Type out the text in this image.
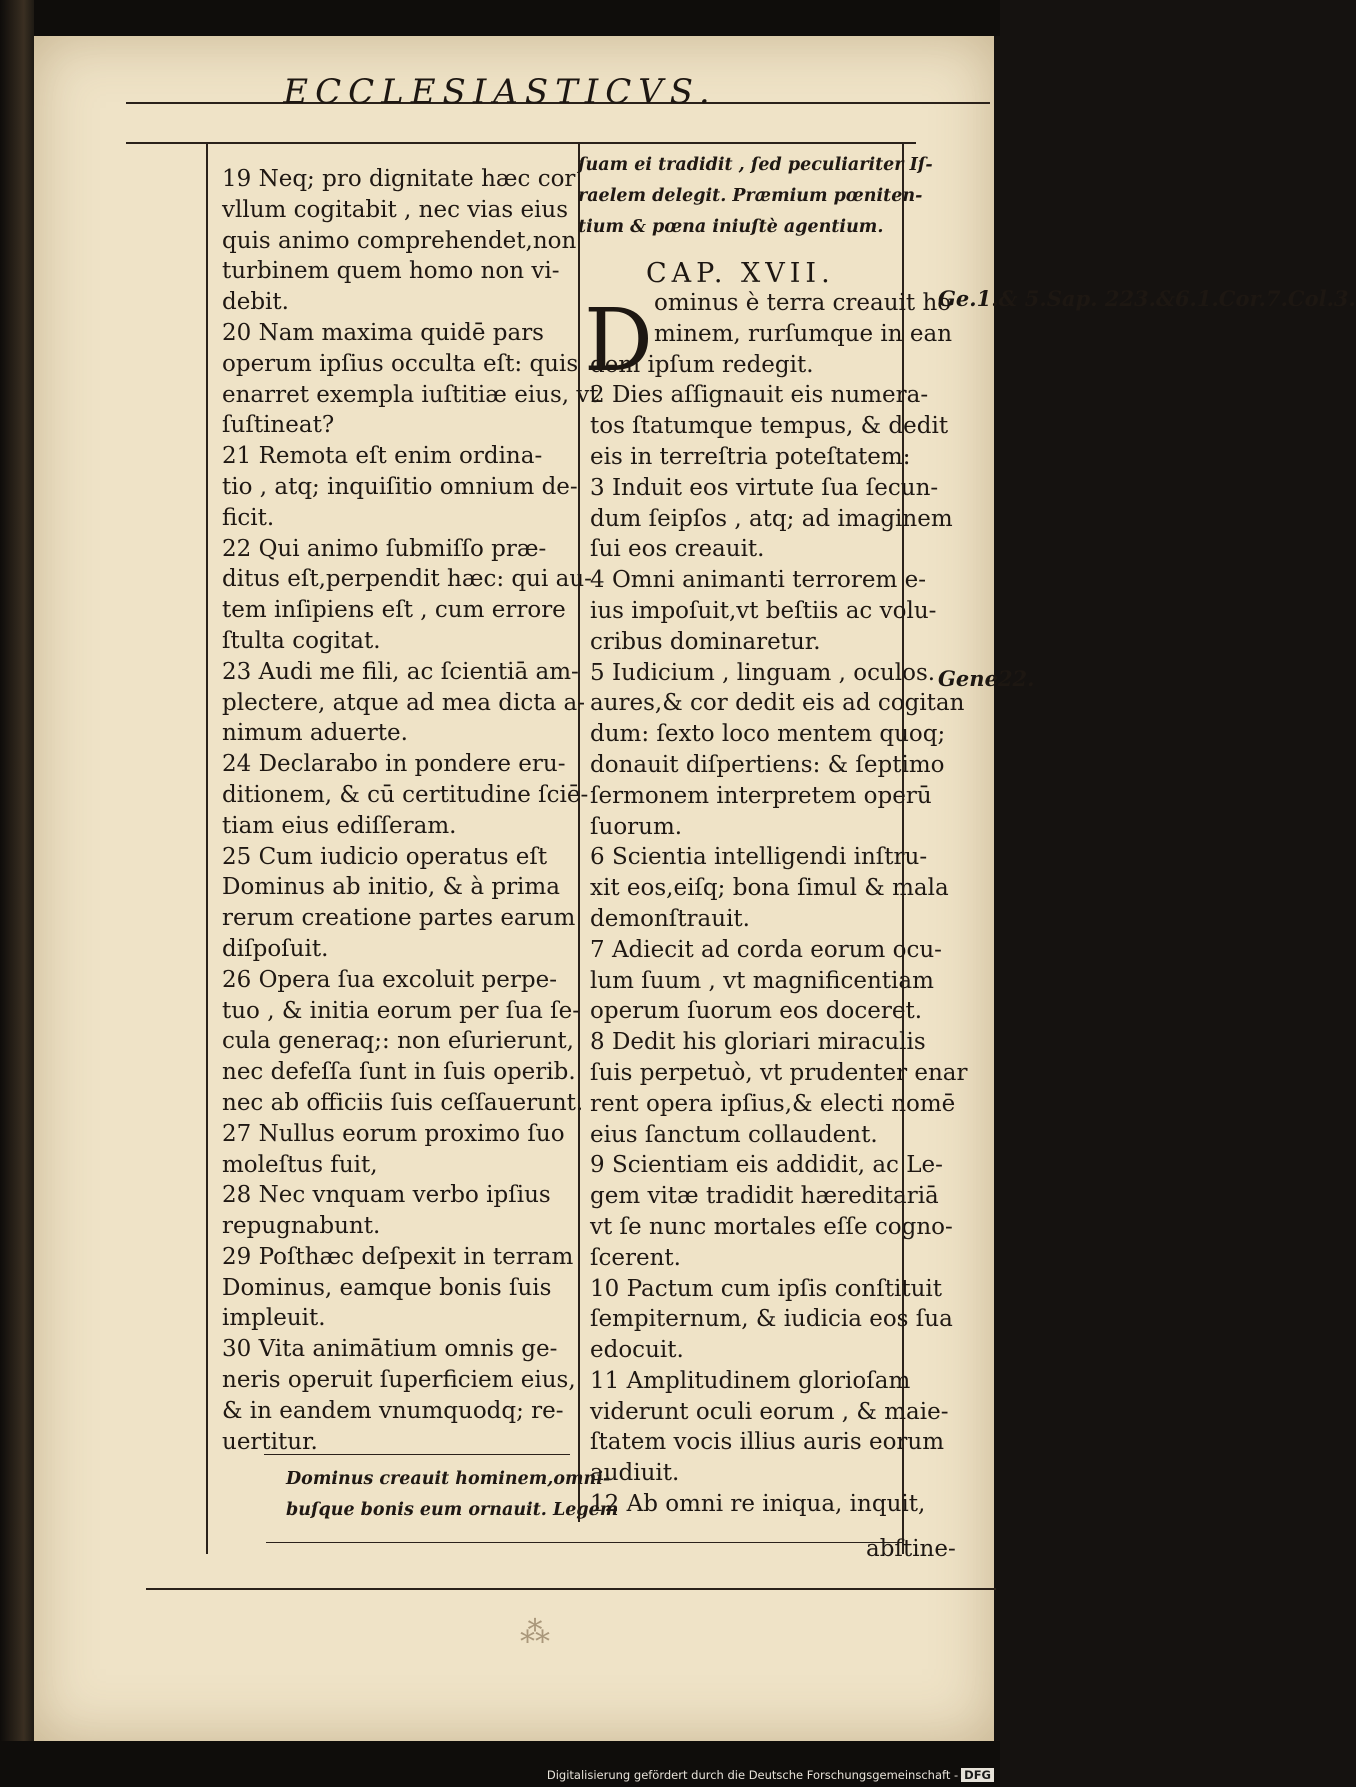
ECCLESIASTICVS.
19 Neq; pro dignitate hæc cor
vllum cogitabit , nec vias eius
quis animo comprehendet,non
turbinem quem homo non vi-
debit.
20 Nam maxima quidē pars
operum ipſius occulta eſt: quis
enarret exempla iuſtitiæ eius, vt
ſuſtineat?
21 Remota eſt enim ordina-
tio , atq; inquiſitio omnium de-
ficit.
22 Qui animo ſubmiſſo præ-
ditus eſt,perpendit hæc: qui au-
tem inſipiens eſt , cum errore
ſtulta cogitat.
23 Audi me fili, ac ſcientiā am-
plectere, atque ad mea dicta a-
nimum aduerte.
24 Declarabo in pondere eru-
ditionem, & cū certitudine ſciē-
tiam eius ediſſeram.
25 Cum iudicio operatus eſt
Dominus ab initio, & à prima
rerum creatione partes earum
diſpoſuit.
26 Opera ſua excoluit perpe-
tuo , & initia eorum per ſua ſe-
cula generaq;: non eſurierunt,
nec defeſſa ſunt in ſuis operib.
nec ab officiis ſuis ceſſauerunt.
27 Nullus eorum proximo ſuo
moleſtus fuit,
28 Nec vnquam verbo ipſius
repugnabunt.
29 Poſthæc deſpexit in terram
Dominus, eamque bonis ſuis
impleuit.
30 Vita animātium omnis ge-
neris operuit ſuperficiem eius,
& in eandem vnumquodq; re-
uertitur.
Dominus creauit hominem,omni-
buſque bonis eum ornauit. Legem
ſuam ei tradidit , ſed peculiariter Iſ-
raelem delegit. Præmium pœniten-
tium & pœna iniuſtè agentium.
CAP. XVII.
D ominus è terra creauit ho
minem, rurſumque in ean
dem ipſum redegit.
2 Dies aſſignauit eis numera-
tos ſtatumque tempus, & dedit
eis in terreſtria poteſtatem:
3 Induit eos virtute ſua ſecun-
dum ſeipſos , atq; ad imaginem
ſui eos creauit.
4 Omni animanti terrorem e-
ius impoſuit,vt beſtiis ac volu-
cribus dominaretur.
5 Iudicium , linguam , oculos.
aures,& cor dedit eis ad cogitan
dum: ſexto loco mentem quoq;
donauit diſpertiens: & ſeptimo
ſermonem interpretem operū
ſuorum.
6 Scientia intelligendi inſtru-
xit eos,eiſq; bona ſimul & mala
demonſtrauit.
7 Adiecit ad corda eorum ocu-
lum ſuum , vt magnificentiam
operum ſuorum eos doceret.
8 Dedit his gloriari miraculis
ſuis perpetuò, vt prudenter enar
rent opera ipſius,& electi nomē
eius ſanctum collaudent.
9 Scientiam eis addidit, ac Le-
gem vitæ tradidit hæreditariā
vt ſe nunc mortales eſſe cogno-
ſcerent.
10 Pactum cum ipſis conſtituit
ſempiternum, & iudicia eos ſua
edocuit.
11 Amplitudinem glorioſam
viderunt oculi eorum , & maie-
ſtatem vocis illius auris eorum
audiuit.
12 Ab omni re iniqua, inquit,
abſtine-
Ge.1.& 5.Sap. 223.&6.1.Cor.7.Col.3.
Gene22.
⁂
Digitalisierung gefördert durch die Deutsche Forschungsgemeinschaft - DFG
